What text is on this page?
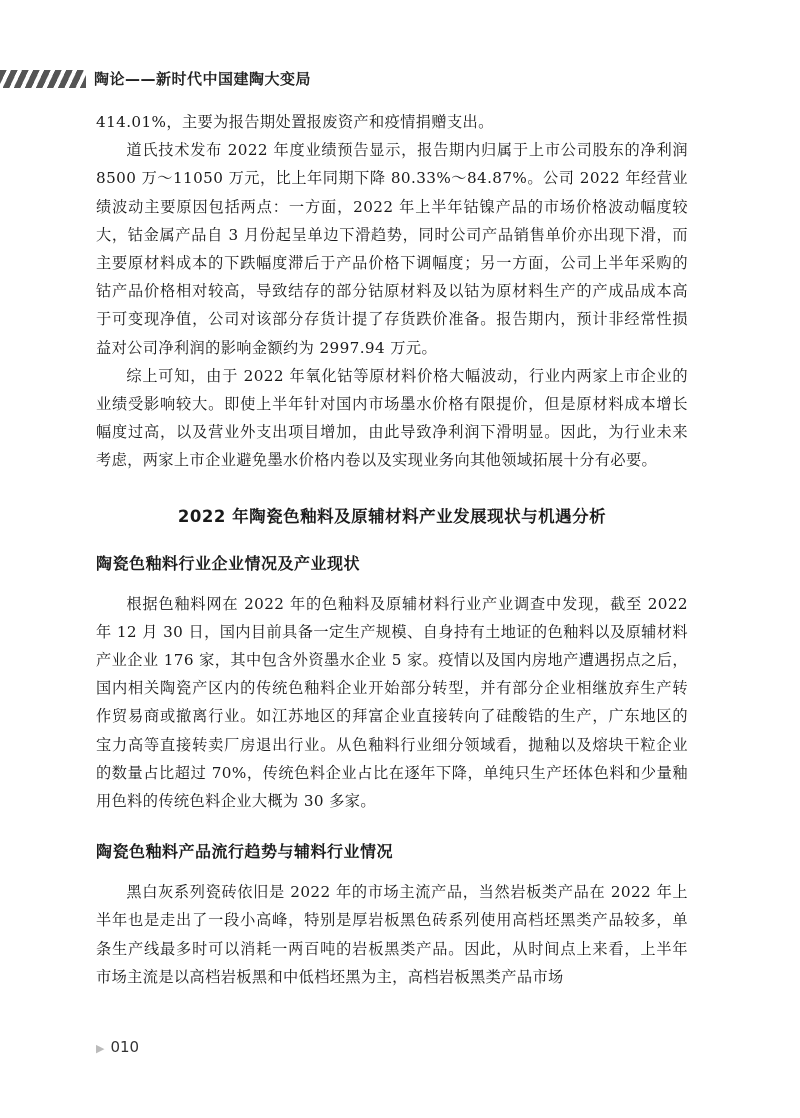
陶论——新时代中国建陶大变局

414.01%，主要为报告期处置报废资产和疫情捐赠支出。

道氏技术发布 2022 年度业绩预告显示，报告期内归属于上市公司股东的净利润 8500 万～11050 万元，比上年同期下降 80.33%～84.87%。公司 2022 年经营业绩波动主要原因包括两点：一方面，2022 年上半年钴镍产品的市场价格波动幅度较大，钴金属产品自 3 月份起呈单边下滑趋势，同时公司产品销售单价亦出现下滑，而主要原材料成本的下跌幅度滞后于产品价格下调幅度；另一方面，公司上半年采购的钴产品价格相对较高，导致结存的部分钴原材料及以钴为原材料生产的产成品成本高于可变现净值，公司对该部分存货计提了存货跌价准备。报告期内，预计非经常性损益对公司净利润的影响金额约为 2997.94 万元。

综上可知，由于 2022 年氧化钴等原材料价格大幅波动，行业内两家上市企业的业绩受影响较大。即使上半年针对国内市场墨水价格有限提价，但是原材料成本增长幅度过高，以及营业外支出项目增加，由此导致净利润下滑明显。因此，为行业未来考虑，两家上市企业避免墨水价格内卷以及实现业务向其他领域拓展十分有必要。

2022 年陶瓷色釉料及原辅材料产业发展现状与机遇分析
陶瓷色釉料行业企业情况及产业现状

根据色釉料网在 2022 年的色釉料及原辅材料行业产业调查中发现，截至 2022 年 12 月 30 日，国内目前具备一定生产规模、自身持有土地证的色釉料以及原辅材料产业企业 176 家，其中包含外资墨水企业 5 家。疫情以及国内房地产遭遇拐点之后，国内相关陶瓷产区内的传统色釉料企业开始部分转型，并有部分企业相继放弃生产转作贸易商或撤离行业。如江苏地区的拜富企业直接转向了硅酸锆的生产，广东地区的宝力高等直接转卖厂房退出行业。从色釉料行业细分领域看，抛釉以及熔块干粒企业的数量占比超过 70%，传统色料企业占比在逐年下降，单纯只生产坯体色料和少量釉用色料的传统色料企业大概为 30 多家。

陶瓷色釉料产品流行趋势与辅料行业情况

黑白灰系列瓷砖依旧是 2022 年的市场主流产品，当然岩板类产品在 2022 年上半年也是走出了一段小高峰，特别是厚岩板黑色砖系列使用高档坯黑类产品较多，单条生产线最多时可以消耗一两百吨的岩板黑类产品。因此，从时间点上来看，上半年市场主流是以高档岩板黑和中低档坯黑为主，高档岩板黑类产品市场

▶ 010
